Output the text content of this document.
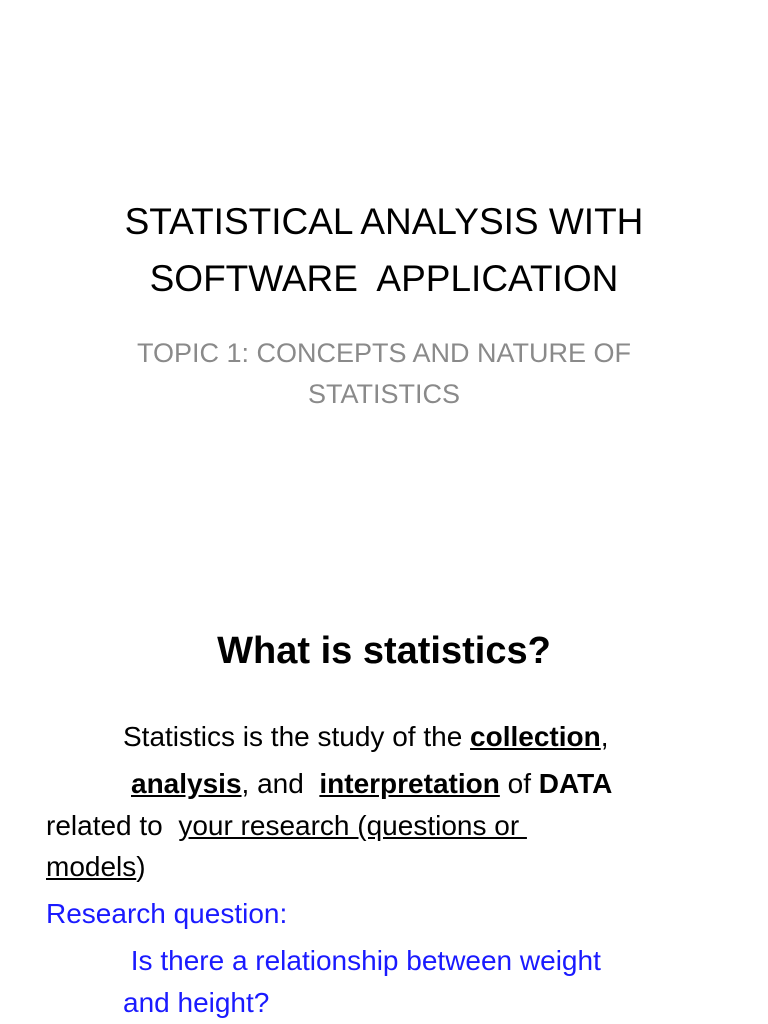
STATISTICAL ANALYSIS WITH
SOFTWARE  APPLICATION
TOPIC 1: CONCEPTS AND NATURE OF
STATISTICS
What is statistics?
Statistics is the study of the collection,
analysis, and  interpretation of DATA
related to  your research (questions or
models)
Research question:
Is there a relationship between weight
and height?
